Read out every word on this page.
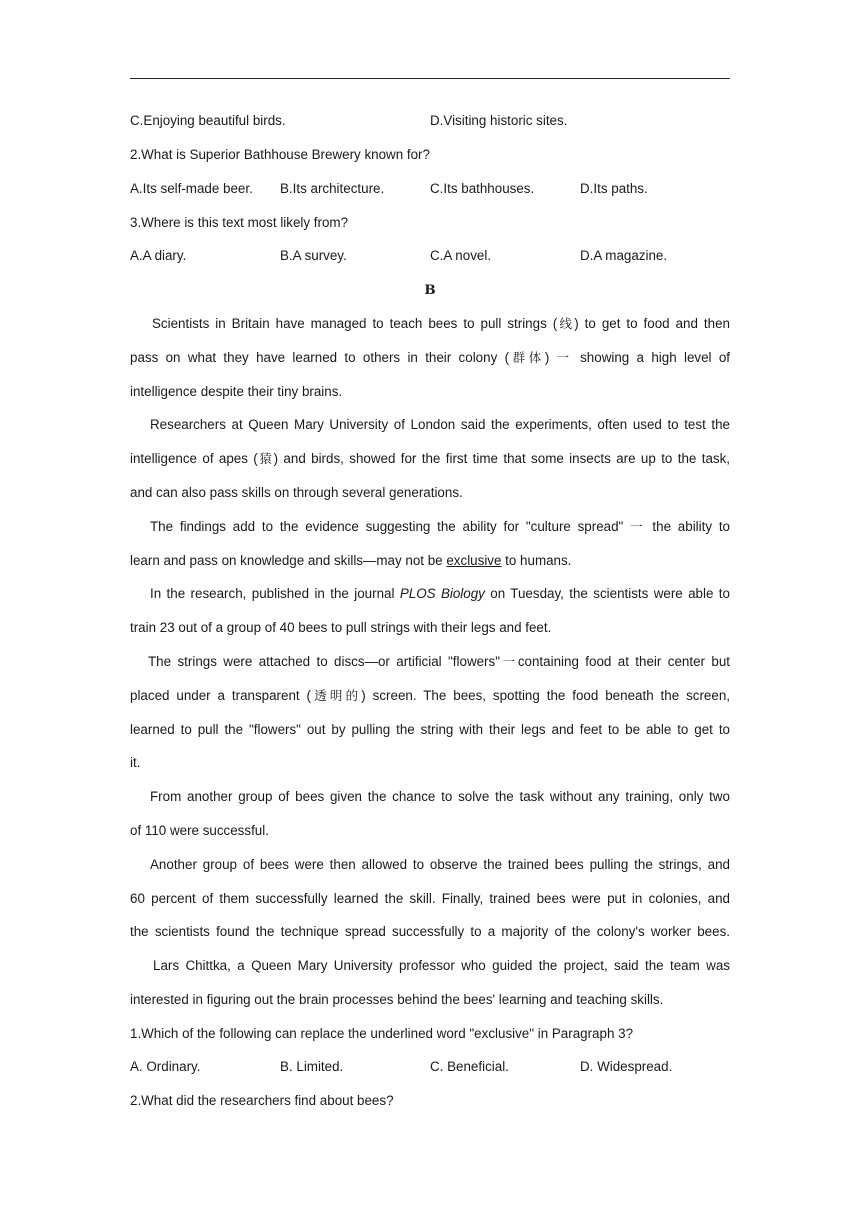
C.Enjoying beautiful birds.	D.Visiting historic sites.
2.What is Superior Bathhouse Brewery known for?
A.Its self-made beer. B.Its architecture.	C.Its bathhouses.	D.Its paths.
3.Where is this text most likely from?
A.A diary.	B.A survey.	C.A novel.	D.A magazine.
B
Scientists in Britain have managed to teach bees to pull strings (线) to get to food and then
pass on what they have learned to others in their colony (群体) 一 showing a high level of
intelligence despite their tiny brains.
Researchers at Queen Mary University of London said the experiments, often used to test the
intelligence of apes (猿) and birds, showed for the first time that some insects are up to the task,
and can also pass skills on through several generations.
The findings add to the evidence suggesting the ability for "culture spread" 一 the ability to
learn and pass on knowledge and skills—may not be exclusive to humans.
In the research, published in the journal PLOS Biology on Tuesday, the scientists were able to
train 23 out of a group of 40 bees to pull strings with their legs and feet.
The strings were attached to discs—or artificial "flowers"一containing food at their center but
placed under a transparent (透明的) screen. The bees, spotting the food beneath the screen,
learned to pull the "flowers" out by pulling the string with their legs and feet to be able to get to
it.
From another group of bees given the chance to solve the task without any training, only two
of 110 were successful.
Another group of bees were then allowed to observe the trained bees pulling the strings, and
60 percent of them successfully learned the skill. Finally, trained bees were put in colonies, and
the scientists found the technique spread successfully to a majority of the colony's worker bees.
Lars Chittka, a Queen Mary University professor who guided the project, said the team was
interested in figuring out the brain processes behind the bees' learning and teaching skills.
1.Which of the following can replace the underlined word "exclusive" in Paragraph 3?
A. Ordinary.	B. Limited.	C. Beneficial.	D. Widespread.
2.What did the researchers find about bees?
